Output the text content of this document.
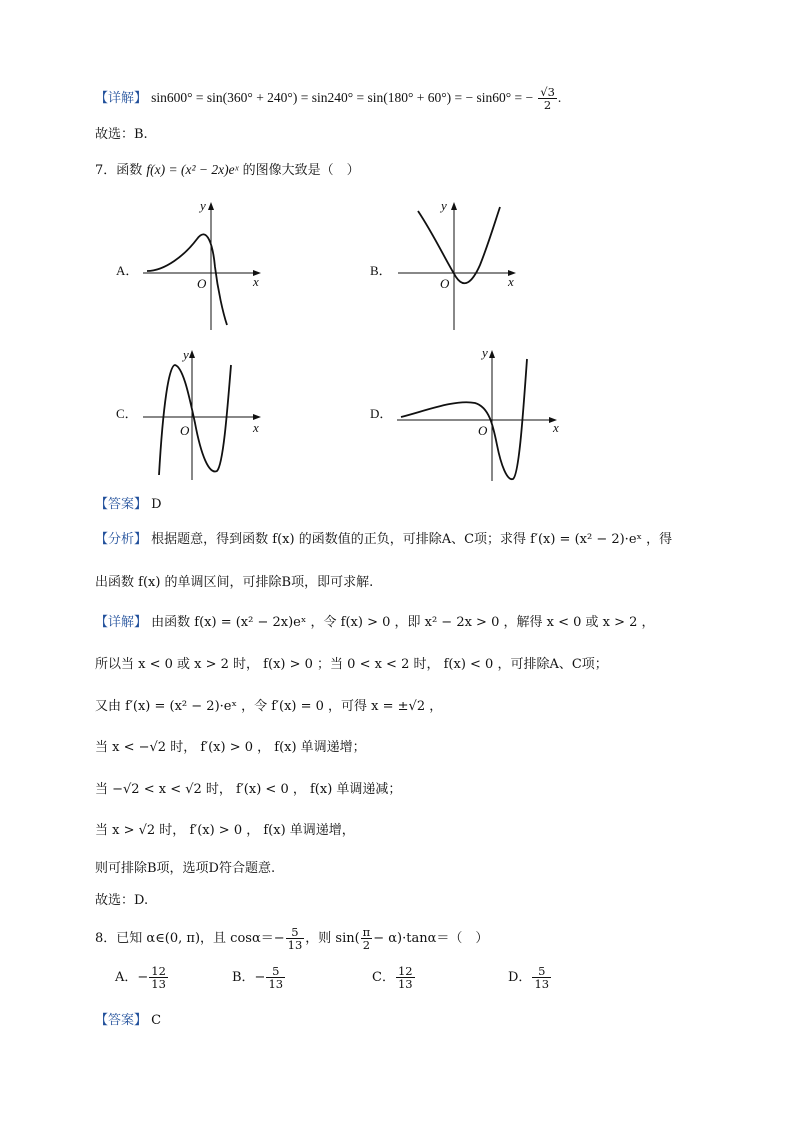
【详解】 sin600° = sin(360° + 240°) = sin240° = sin(180° + 60°) = − sin60° = − $\frac{√3}{2}$ .
故选：B.
7．函数 f(x) = (x² − 2x)eˣ 的图像大致是（　）
A．
y
x
O
B．
y
x
O
C．
y
x
O
D．
y
x
O
【答案】 D
【分析】 根据题意，得到函数 f(x) 的函数值的正负，可排除A、C项；求得 f′(x) = (x² − 2)·eˣ ，得
出函数 f(x) 的单调区间，可排除B项，即可求解.
【详解】 由函数 f(x) = (x² − 2x)eˣ ，令 f(x) > 0 ，即 x² − 2x > 0 ，解得 x < 0 或 x > 2 ，
所以当 x < 0 或 x > 2 时， f(x) > 0 ；当 0 < x < 2 时， f(x) < 0 ，可排除A、C项；
又由 f′(x) = (x² − 2)·eˣ ，令 f′(x) = 0 ，可得 x = ±√2 ，
当 x < −√2 时， f′(x) > 0 ， f(x) 单调递增；
当 −√2 < x < √2 时， f′(x) < 0 ， f(x) 单调递减；
当 x > √2 时， f′(x) > 0 ， f(x) 单调递增，
则可排除B项，选项D符合题意.
故选：D.
8．已知 α∈(0, π)，且 $\cos\alpha=- \frac{5}{13}$ ，则 $\sin( \frac{\pi}{2} - \alpha)\cdot\tan\alpha=$（　）
A．− $\frac{12}{13}$	B．− $\frac{5}{13}$	C． $\frac{12}{13}$	D． $\frac{5}{13}$
【答案】 C
